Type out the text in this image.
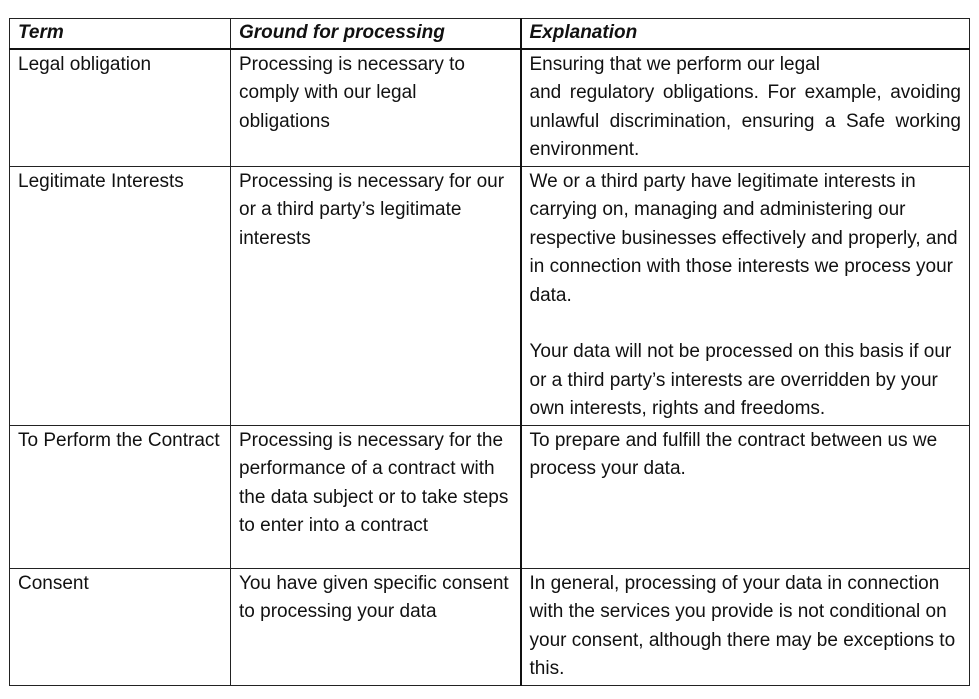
Term	Ground for processing	Explanation
Legal obligation	Processing is necessary to comply with our legal obligations	Ensuring that we perform our legal
and regulatory obligations. For example, avoiding unlawful discrimination, ensuring a Safe working environment.

Legitimate Interests	Processing is necessary for our or a third party’s legitimate interests	We or a third party have legitimate interests in carrying on, managing and administering our respective businesses effectively and properly, and in connection with those interests we process your data.
Your data will not be processed on this basis if our or a third party’s interests are overridden by your own interests, rights and freedoms.

To Perform the Contract	Processing is necessary for the performance of a contract with the data subject or to take steps to enter into a contract	To prepare and fulfill the contract between us we process your data.
Consent	You have given specific consent to processing your data	In general, processing of your data in connection with the services you provide is not conditional on your consent, although there may be exceptions to this.
